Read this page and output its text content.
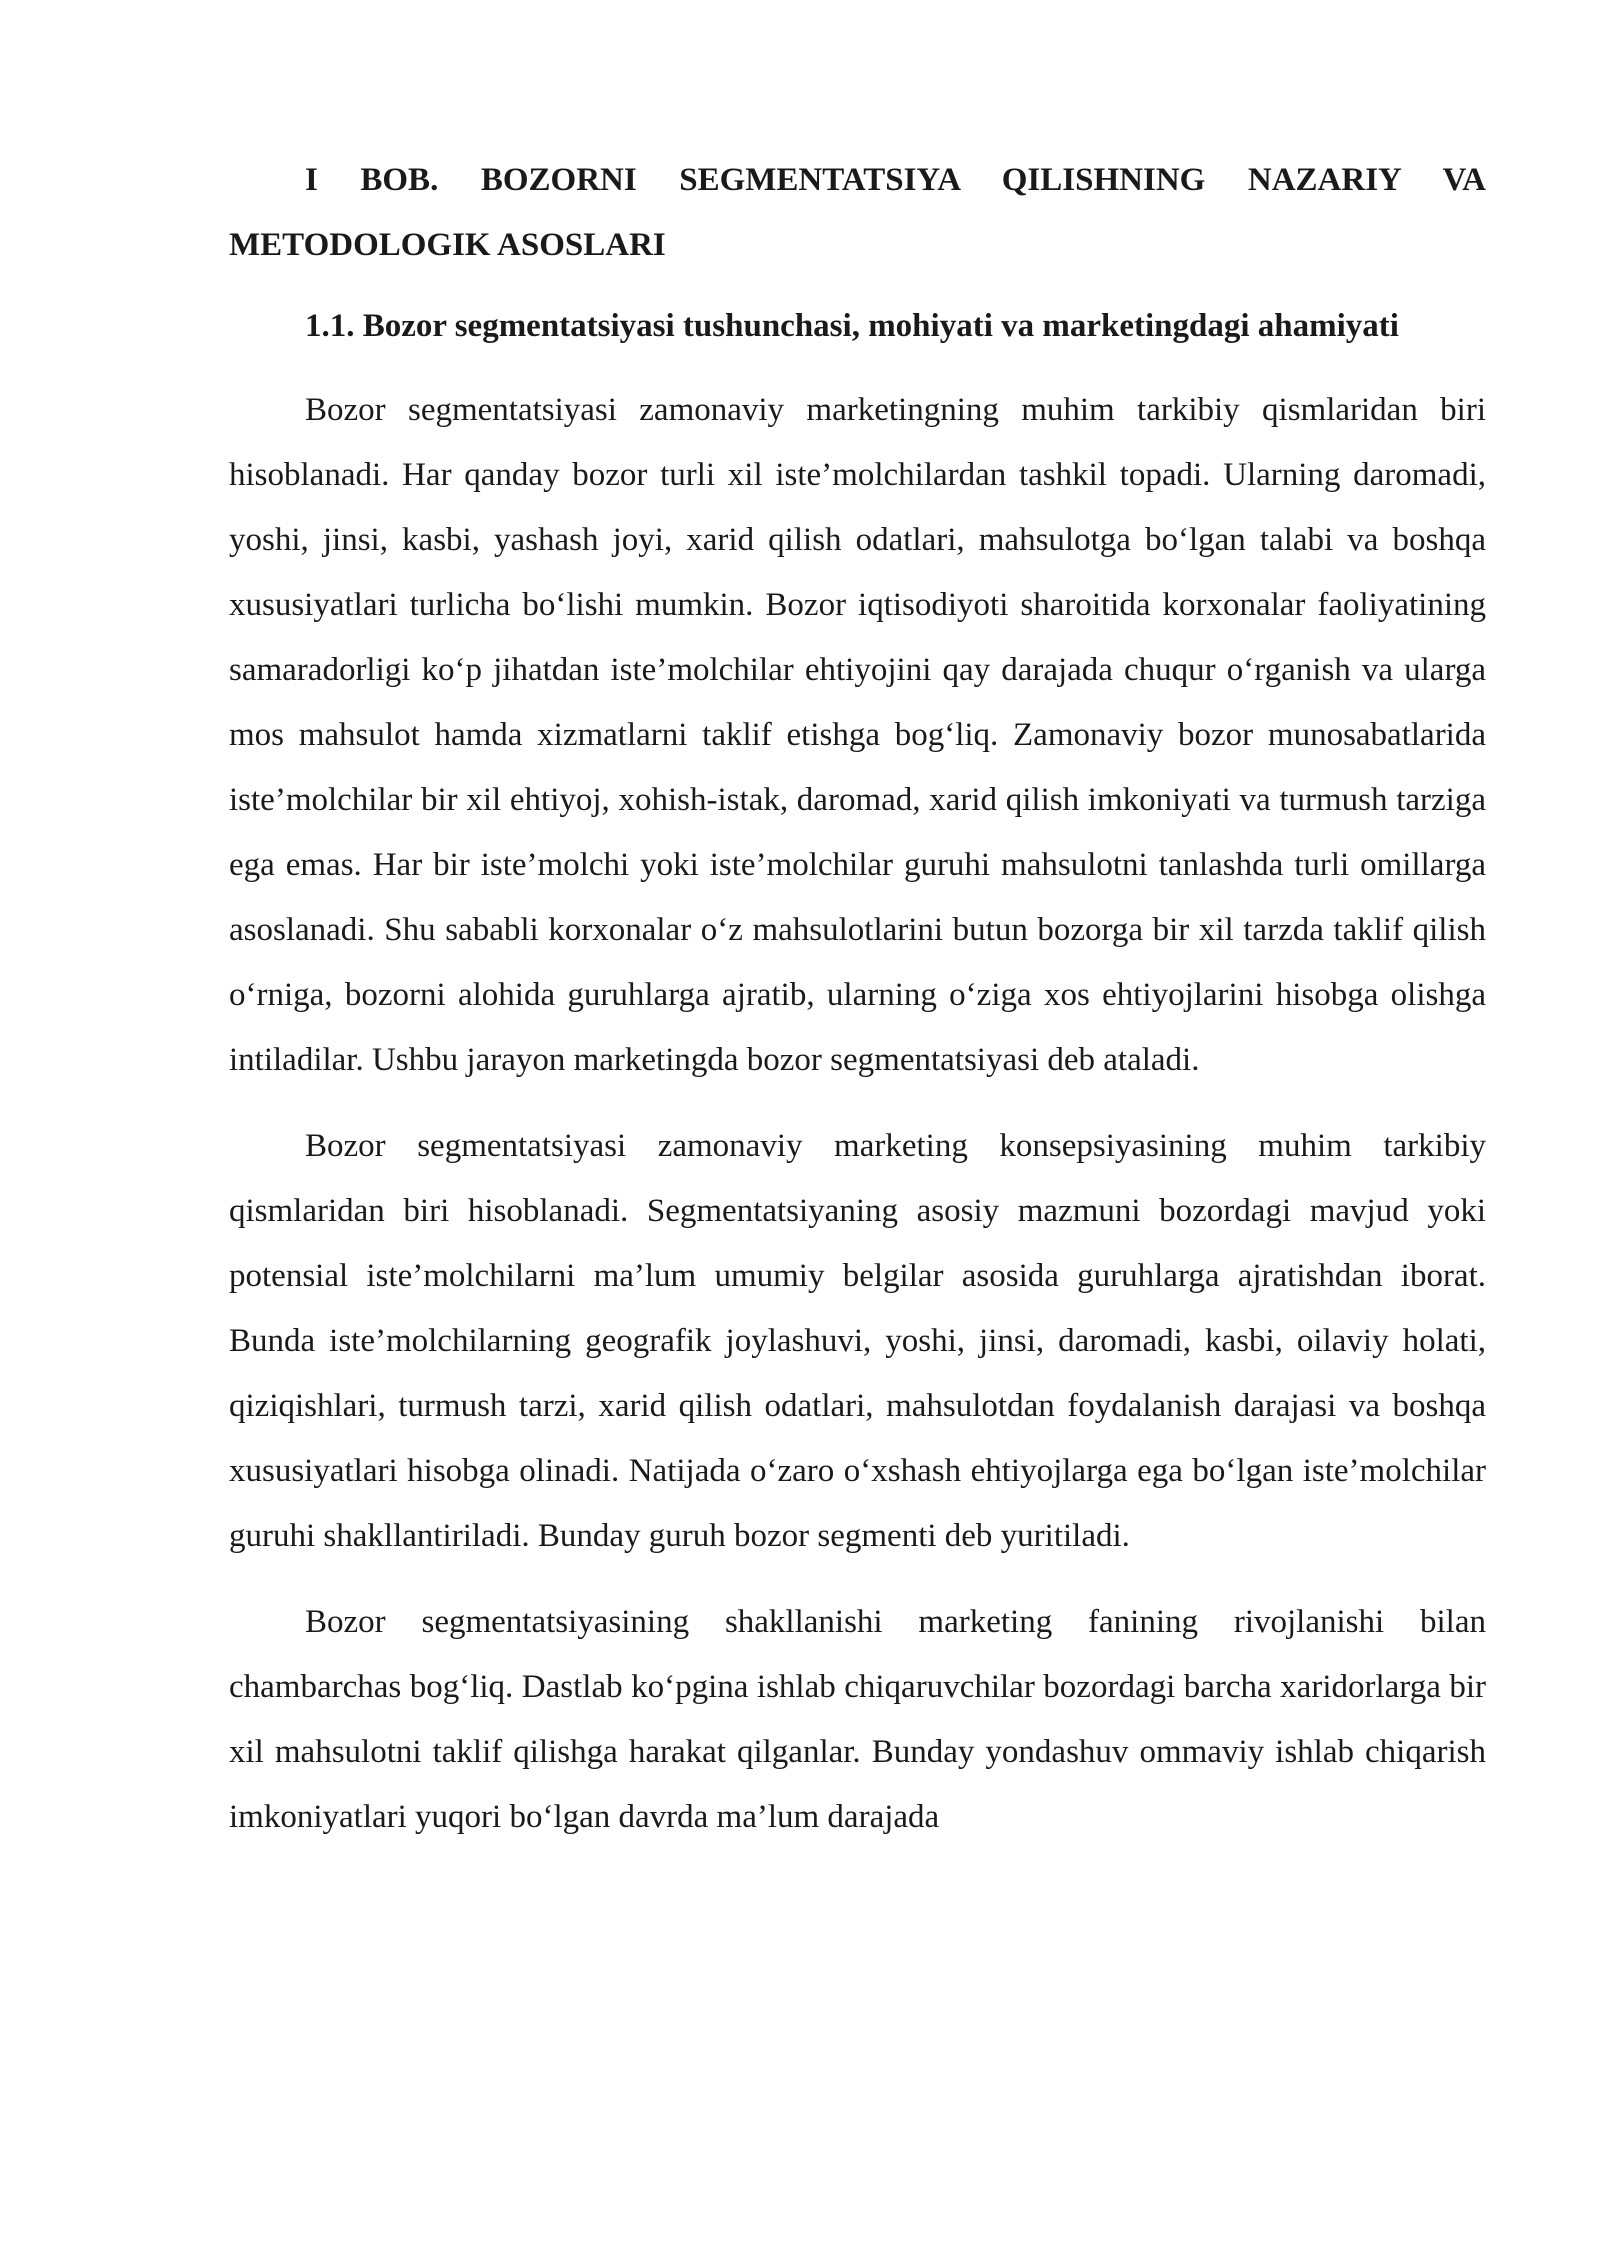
I BOB. BOZORNI SEGMENTATSIYA QILISHNING NAZARIY VA METODOLOGIK ASOSLARI
1.1. Bozor segmentatsiyasi tushunchasi, mohiyati va marketingdagi ahamiyati

Bozor segmentatsiyasi zamonaviy marketingning muhim tarkibiy qismlaridan biri hisoblanadi. Har qanday bozor turli xil iste’molchilardan tashkil topadi. Ularning daromadi, yoshi, jinsi, kasbi, yashash joyi, xarid qilish odatlari, mahsulotga bo‘lgan talabi va boshqa xususiyatlari turlicha bo‘lishi mumkin. Bozor iqtisodiyoti sharoitida korxonalar faoliyatining samaradorligi ko‘p jihatdan iste’molchilar ehtiyojini qay darajada chuqur o‘rganish va ularga mos mahsulot hamda xizmatlarni taklif etishga bog‘liq. Zamonaviy bozor munosabatlarida iste’molchilar bir xil ehtiyoj, xohish-istak, daromad, xarid qilish imkoniyati va turmush tarziga ega emas. Har bir iste’molchi yoki iste’molchilar guruhi mahsulotni tanlashda turli omillarga asoslanadi. Shu sababli korxonalar o‘z mahsulotlarini butun bozorga bir xil tarzda taklif qilish o‘rniga, bozorni alohida guruhlarga ajratib, ularning o‘ziga xos ehtiyojlarini hisobga olishga intiladilar. Ushbu jarayon marketingda bozor segmentatsiyasi deb ataladi.

Bozor segmentatsiyasi zamonaviy marketing konsepsiyasining muhim tarkibiy qismlaridan biri hisoblanadi. Segmentatsiyaning asosiy mazmuni bozordagi mavjud yoki potensial iste’molchilarni ma’lum umumiy belgilar asosida guruhlarga ajratishdan iborat. Bunda iste’molchilarning geografik joylashuvi, yoshi, jinsi, daromadi, kasbi, oilaviy holati, qiziqishlari, turmush tarzi, xarid qilish odatlari, mahsulotdan foydalanish darajasi va boshqa xususiyatlari hisobga olinadi. Natijada o‘zaro o‘xshash ehtiyojlarga ega bo‘lgan iste’molchilar guruhi shakllantiriladi. Bunday guruh bozor segmenti deb yuritiladi.

Bozor segmentatsiyasining shakllanishi marketing fanining rivojlanishi bilan chambarchas bog‘liq. Dastlab ko‘pgina ishlab chiqaruvchilar bozordagi barcha xaridorlarga bir xil mahsulotni taklif qilishga harakat qilganlar. Bunday yondashuv ommaviy ishlab chiqarish imkoniyatlari yuqori bo‘lgan davrda ma’lum darajada
